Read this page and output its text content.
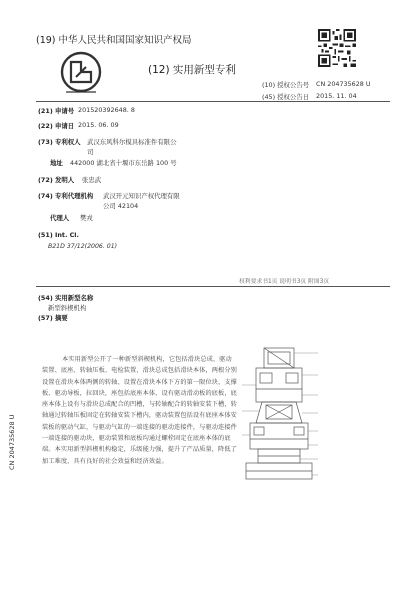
(19) 中华人民共和国国家知识产权局
(12) 实用新型专利
(10) 授权公告号 CN 204735628 U
(45) 授权公告日 2015. 11. 04
(21) 申请号 201520392648. 8
(22) 申请日 2015. 06. 09
(73) 专利权人 武汉东风科尔模具标准件有限公
司
地址 442000 湖北省十堰市东岳路 100 号
(72) 发明人 张忠武
(74) 专利代理机构 武汉开元知识产权代理有限
公司 42104
代理人 樊戎
(51) Int. Cl.
B21D 37/12(2006. 01)
权利要求书1页 说明书3页 附图3页
(54) 实用新型名称
新型斜楔机构
(57) 摘要
本实用新型公开了一种新型斜楔机构，它包括滑块总成、驱动装置、底座、转轴压板、电检装置，滑块总成包括滑块本体，两根分别设置在滑块本体两侧的转轴、设置在滑块本体下方的第一限位块、支撑板、驱动导板，拉回块，座包括底座本体，设有驱动滑动板的底板，底座本体上设有与滑块总成配合的凹槽，与转轴配合的转轴安装下槽，转轴通过转轴压板固定在转轴安装下槽内，驱动装置包括设有底座本体安装板的驱动气缸，与驱动气缸的一端连接的驱动连接件，与驱动连接件一端连接的驱动块，驱动装置和底板均通过螺栓固定在底座本体的底端。本实用新型斜楔机构稳定，乐级能力强，提升了产品质量，降低了加工难度，具有良好的社会效益和经济效益。
CN 204735628 U
